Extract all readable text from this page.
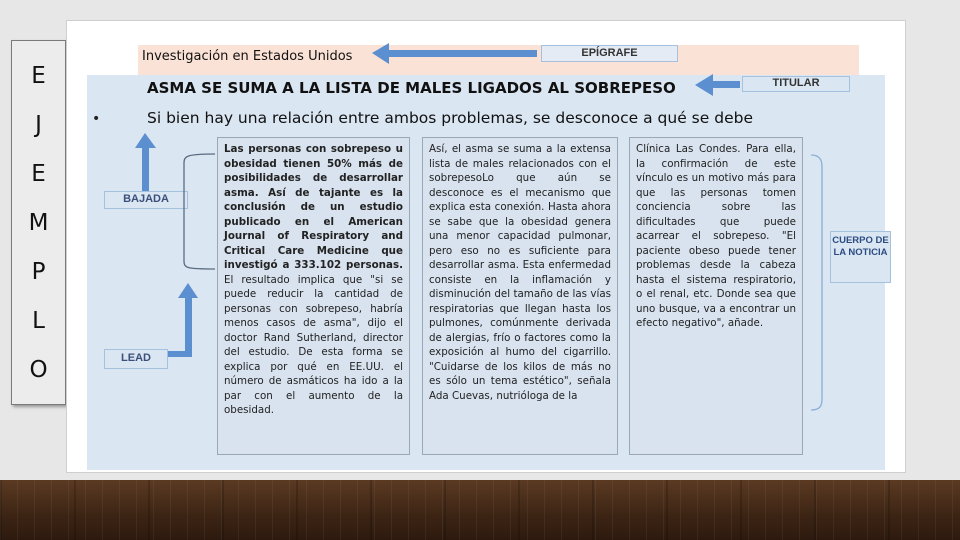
E
J
E
M
P
L
O
Investigación en Estados Unidos
ASMA SE SUMA A LA LISTA DE MALES LIGADOS AL SOBREPESO
•	Si bien hay una relación entre ambos problemas, se desconoce a qué se debe
EPÍGRAFE
TITULAR
BAJADA
LEAD
CUERPO DE LA NOTICIA
Las personas con sobrepeso u obesidad tienen 50% más de posibilidades de desarrollar asma. Así de tajante es la conclusión de un estudio publicado en el American Journal of Respiratory and Critical Care Medicine que investigó a 333.102 personas. El resultado implica que "si se puede reducir la cantidad de personas con sobrepeso, habría menos casos de asma", dijo el doctor Rand Sutherland, director del estudio. De esta forma se explica por qué en EE.UU. el número de asmáticos ha ido a la par con el aumento de la obesidad.
Así, el asma se suma a la extensa lista de males relacionados con el sobrepesoLo que aún se desconoce es el mecanismo que explica esta conexión. Hasta ahora se sabe que la obesidad genera una menor capacidad pulmonar, pero eso no es suficiente para desarrollar asma. Esta enfermedad consiste en la inflamación y disminución del tamaño de las vías respiratorias que llegan hasta los pulmones, comúnmente derivada de alergias, frío o factores como la exposición al humo del cigarrillo. "Cuidarse de los kilos de más no es sólo un tema estético", señala Ada Cuevas, nutrióloga de la
Clínica Las Condes. Para ella, la confirmación de este vínculo es un motivo más para que las personas tomen conciencia sobre las dificultades que puede acarrear el sobrepeso. "El paciente obeso puede tener problemas desde la cabeza hasta el sistema respiratorio, o el renal, etc. Donde sea que uno busque, va a encontrar un efecto negativo", añade.
